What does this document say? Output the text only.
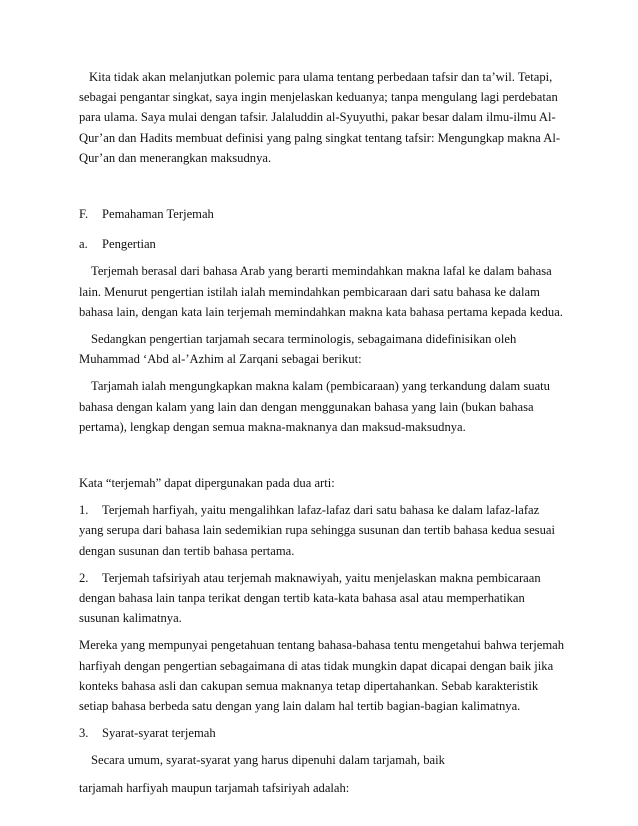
Kita tidak akan melanjutkan polemic para ulama tentang perbedaan tafsir dan ta’wil. Tetapi, sebagai pengantar singkat, saya ingin menjelaskan keduanya; tanpa mengulang lagi perdebatan para ulama. Saya mulai dengan tafsir. Jalaluddin al-Syuyuthi, pakar besar dalam ilmu-ilmu Al-Qur’an dan Hadits membuat definisi yang palng singkat tentang tafsir: Mengungkap makna Al-Qur’an dan menerangkan maksudnya.

F.	Pemahaman Terjemah
a.	Pengertian

Terjemah berasal dari bahasa Arab yang berarti memindahkan makna lafal ke dalam bahasa lain. Menurut pengertian istilah ialah memindahkan pembicaraan dari satu bahasa ke dalam bahasa lain, dengan kata lain terjemah memindahkan makna kata bahasa pertama kepada kedua.

Sedangkan pengertian tarjamah secara terminologis, sebagaimana didefinisikan oleh Muhammad ‘Abd al-’Azhim al Zarqani sebagai berikut:

Tarjamah ialah mengungkapkan makna kalam (pembicaraan) yang terkandung dalam suatu bahasa dengan kalam yang lain dan dengan menggunakan bahasa yang lain (bukan bahasa pertama), lengkap dengan semua makna-maknanya dan maksud-maksudnya.

Kata “terjemah” dapat dipergunakan pada dua arti:

1. Terjemah harfiyah, yaitu mengalihkan lafaz-lafaz dari satu bahasa ke dalam lafaz-lafaz yang serupa dari bahasa lain sedemikian rupa sehingga susunan dan tertib bahasa kedua sesuai dengan susunan dan tertib bahasa pertama.

2. Terjemah tafsiriyah atau terjemah maknawiyah, yaitu menjelaskan makna pembicaraan dengan bahasa lain tanpa terikat dengan tertib kata-kata bahasa asal atau memperhatikan susunan kalimatnya.

Mereka yang mempunyai pengetahuan tentang bahasa-bahasa tentu mengetahui bahwa terjemah harfiyah dengan pengertian sebagaimana di atas tidak mungkin dapat dicapai dengan baik jika konteks bahasa asli dan cakupan semua maknanya tetap dipertahankan. Sebab karakteristik setiap bahasa berbeda satu dengan yang lain dalam hal tertib bagian-bagian kalimatnya.

3.	Syarat-syarat terjemah

Secara umum, syarat-syarat yang harus dipenuhi dalam tarjamah, baik

tarjamah harfiyah maupun tarjamah tafsiriyah adalah:
